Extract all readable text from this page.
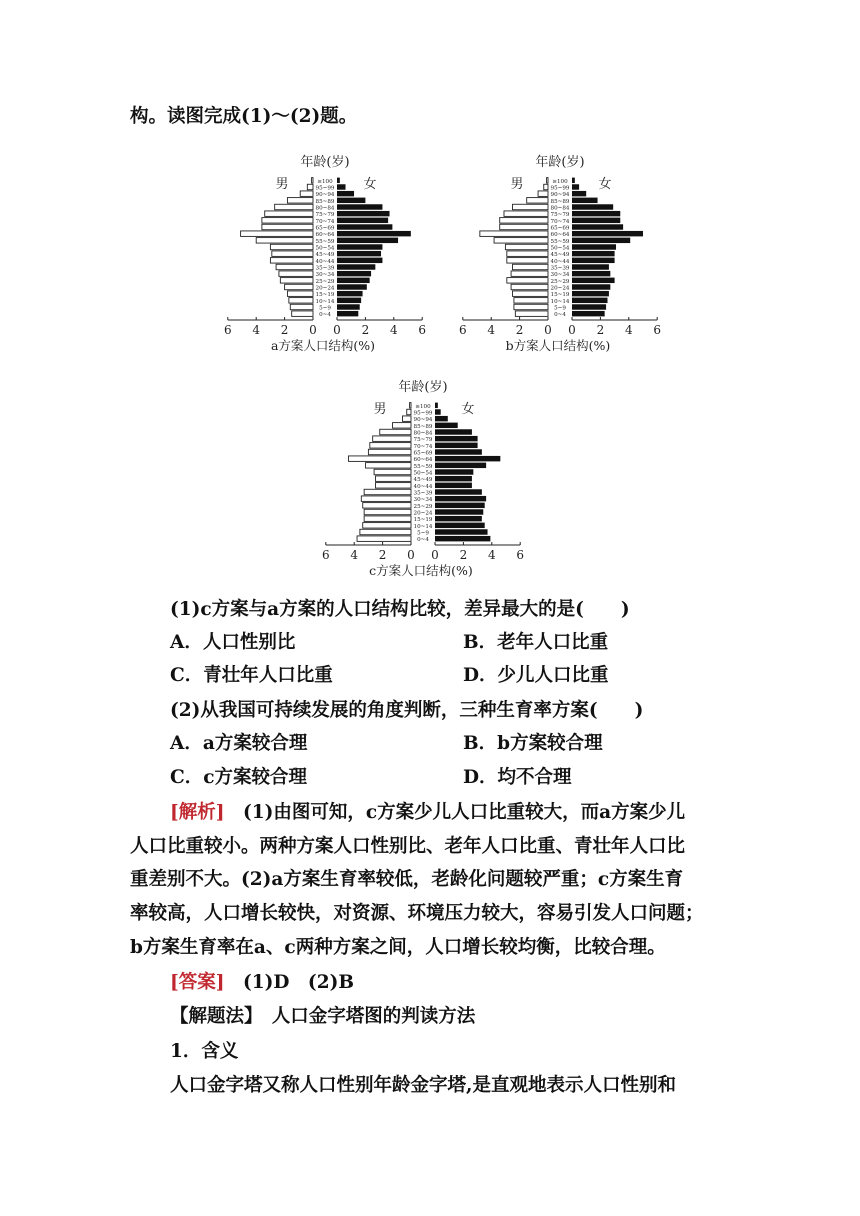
构。读图完成(1)～(2)题。
年龄(岁)
男	女
≥100
95~99
90~94
85~89
80~84
75~79
70~74
65~69
60~64
55~59
50~54
45~49
40~44
35~39
30~34
25~29
20~24
15~19
10~14
5~9
0~4
6 4 2 0 0 2 4 6
a方案人口结构(%)
年龄(岁)
男	女
≥100
95~99
90~94
85~89
80~84
75~79
70~74
65~69
60~64
55~59
50~54
45~49
40~44
35~39
30~34
25~29
20~24
15~19
10~14
5~9
0~4
6 4 2 0 0 2 4 6
b方案人口结构(%)
年龄(岁)
男	女
≥100
95~99
90~94
85~89
80~84
75~79
70~74
65~69
60~64
55~59
50~54
45~49
40~44
35~39
30~34
25~29
20~24
15~19
10~14
5~9
0~4
6 4 2 0 0 2 4 6
c方案人口结构(%)
(1)c方案与a方案的人口结构比较，差异最大的是(　　)
A．人口性别比	B．老年人口比重
C．青壮年人口比重	D．少儿人口比重
(2)从我国可持续发展的角度判断，三种生育率方案(　　)
A．a方案较合理	B．b方案较合理
C．c方案较合理	D．均不合理
[解析]　(1)由图可知，c方案少儿人口比重较大，而a方案少儿
人口比重较小。两种方案人口性别比、老年人口比重、青壮年人口比
重差别不大。(2)a方案生育率较低，老龄化问题较严重；c方案生育
率较高，人口增长较快，对资源、环境压力较大，容易引发人口问题；
b方案生育率在a、c两种方案之间，人口增长较均衡，比较合理。
[答案]　(1)D　(2)B
【解题法】　人口金字塔图的判读方法
1．含义
人口金字塔又称人口性别年龄金字塔,是直观地表示人口性别和
